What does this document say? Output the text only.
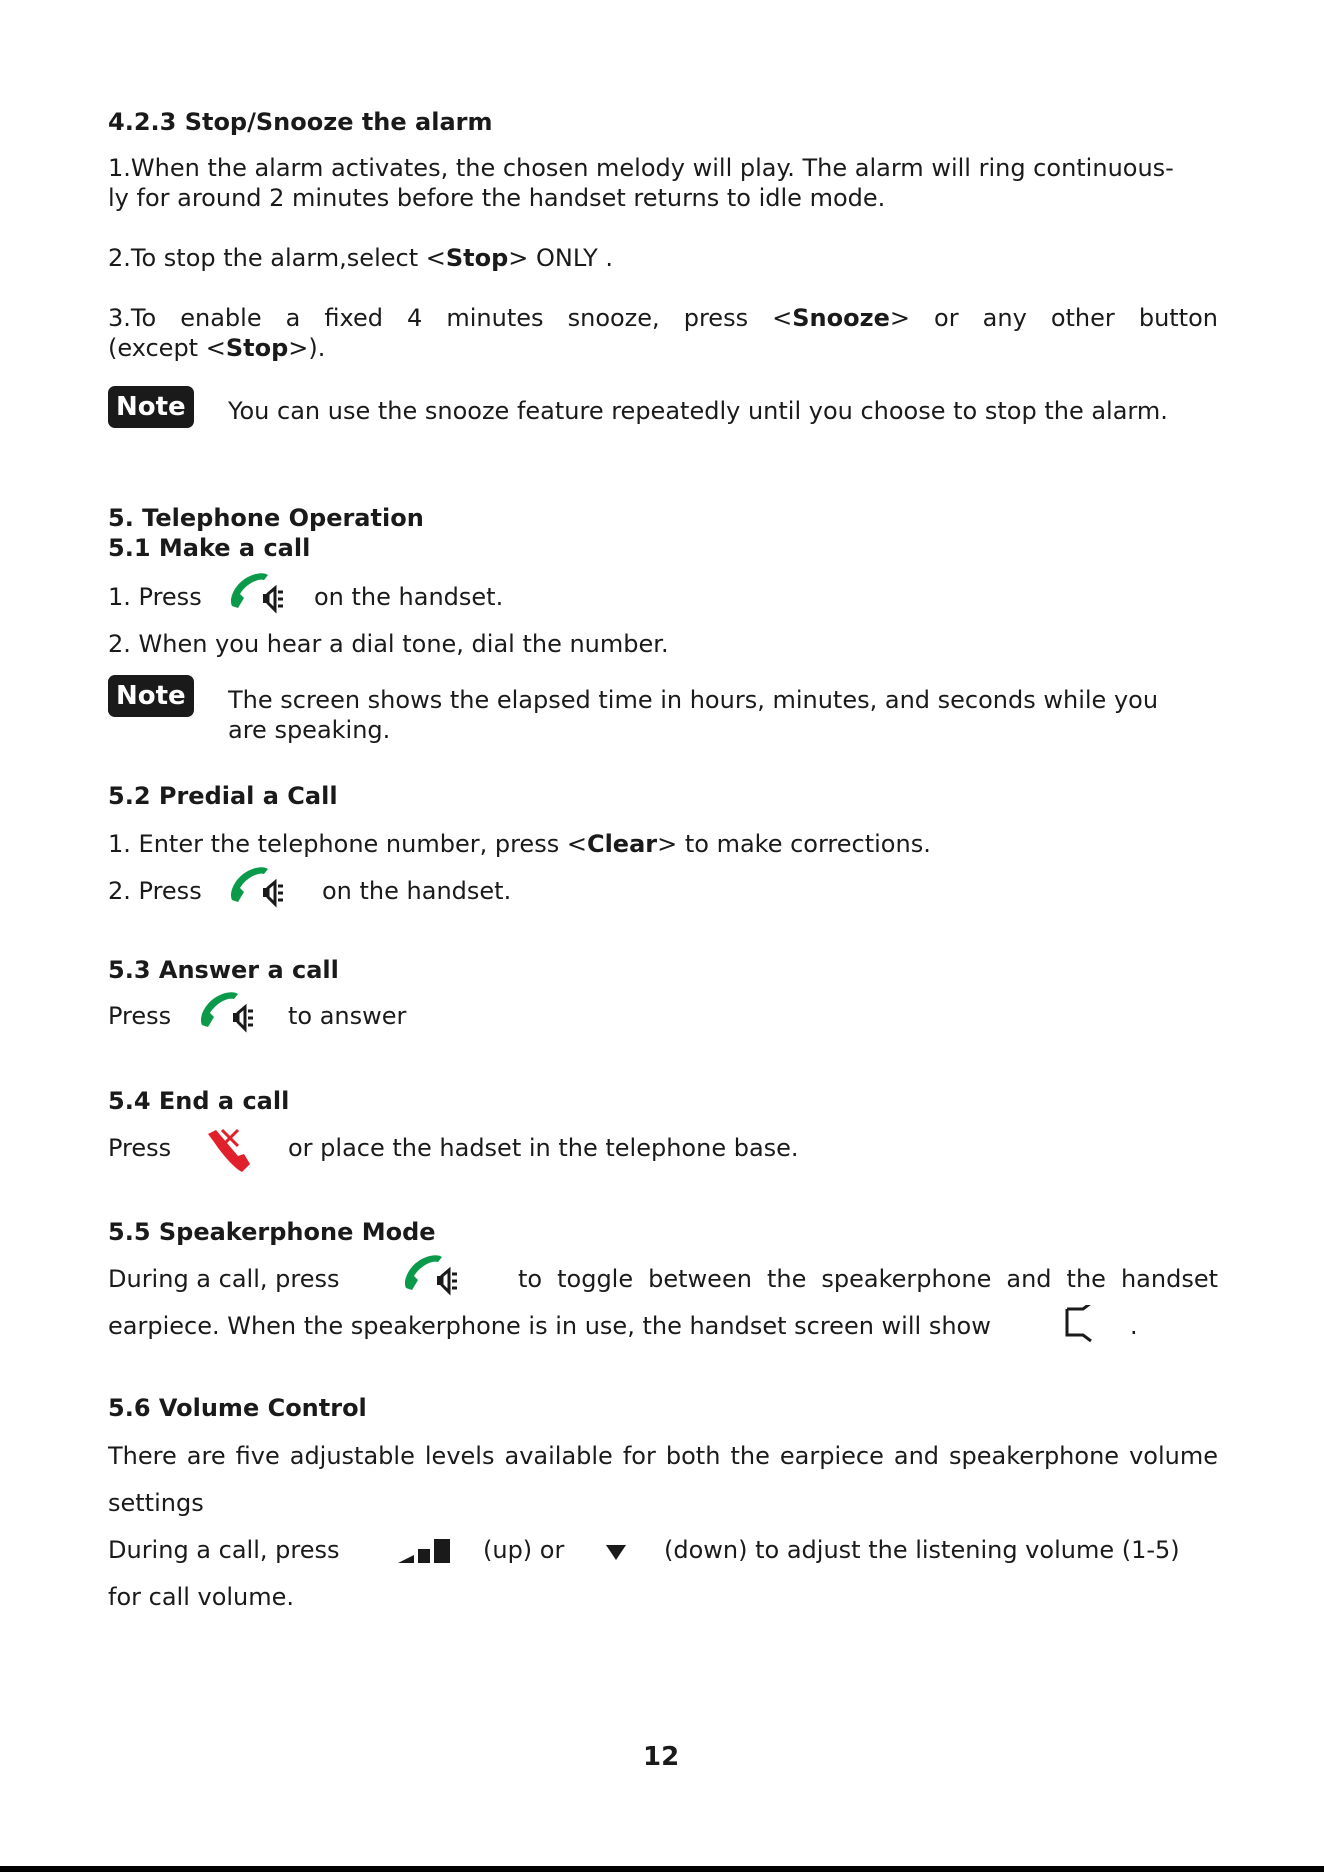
4.2.3 Stop/Snooze the alarm
1.When the alarm activates, the chosen melody will play. The alarm will ring continuous-
ly for around 2 minutes before the handset returns to idle mode.
2.To stop the alarm,select <Stop> ONLY .
3.To enable a fixed 4 minutes snooze, press <Snooze> or any other button
(except <Stop>).
Note	You can use the snooze feature repeatedly until you choose to stop the alarm.
5. Telephone Operation
5.1 Make a call
1. Press	on the handset.
2. When you hear a dial tone, dial the number.
Note	The screen shows the elapsed time in hours, minutes, and seconds while you
are speaking.
5.2 Predial a Call
1. Enter the telephone number, press <Clear> to make corrections.
2. Press	on the handset.
5.3 Answer a call
Press	to answer
5.4 End a call
Press	or place the hadset in the telephone base.
5.5 Speakerphone Mode
During a call, press	to toggle between the speakerphone and the handset
earpiece. When the speakerphone is in use, the handset screen will show	.
5.6 Volume Control
There are five adjustable levels available for both the earpiece and speakerphone volume
settings
During a call, press	(up) or	(down) to adjust the listening volume (1-5)
for call volume.
12
